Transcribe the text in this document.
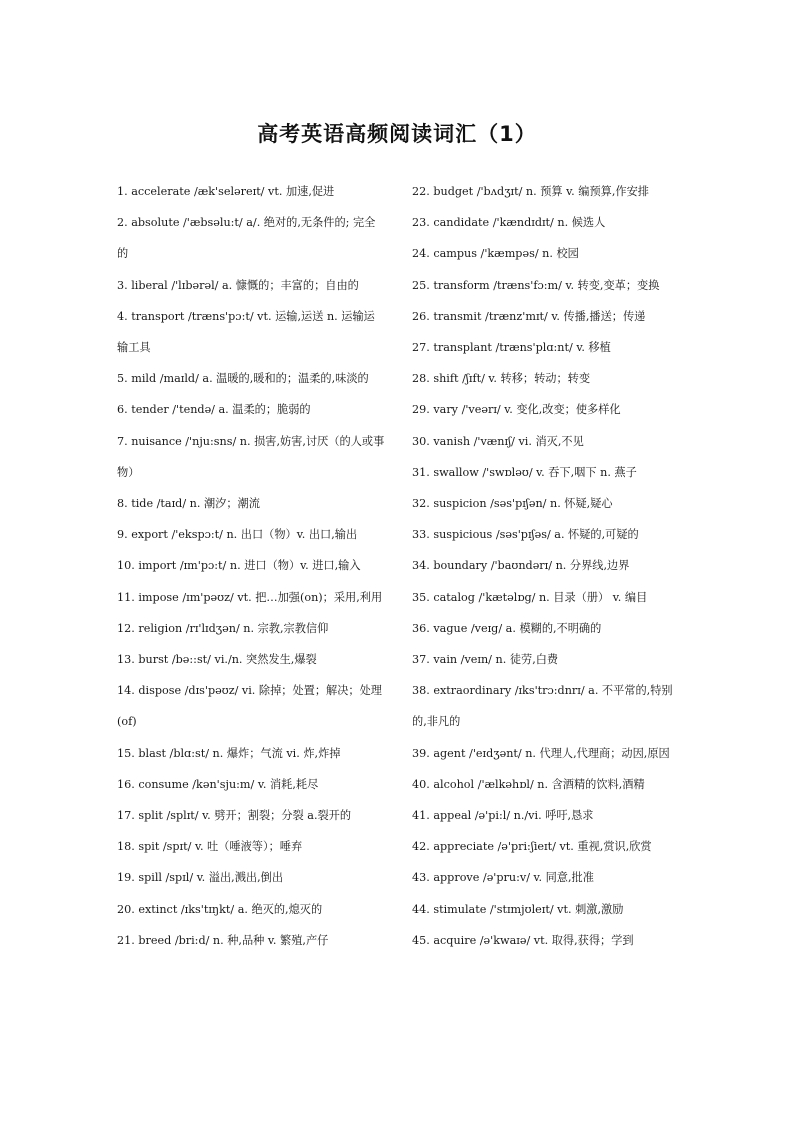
高考英语高频阅读词汇（1）
1. accelerate /æk'seləreɪt/ vt. 加速,促进
2. absolute /'æbsəlu:t/ a/. 绝对的,无条件的; 完全的
3. liberal /'lɪbərəl/ a. 慷慨的；丰富的；自由的
4. transport /træns'pɔ:t/ vt. 运输,运送 n. 运输运输工具
5. mild /maɪld/ a. 温暖的,暖和的；温柔的,味淡的
6. tender /'tendə/ a. 温柔的；脆弱的
7. nuisance /'nju:sns/ n. 损害,妨害,讨厌（的人或事物）
8. tide /taɪd/ n. 潮汐；潮流
9. export /'ekspɔ:t/ n. 出口（物）v. 出口,输出
10. import /ɪm'pɔ:t/ n. 进口（物）v. 进口,输入
11. impose /ɪm'pəʊz/ vt. 把…加强(on)；采用,利用
12. religion /rɪ'lɪdʒən/ n. 宗教,宗教信仰
13. burst /bə::st/ vi./n. 突然发生,爆裂
14. dispose /dɪs'pəʊz/ vi. 除掉；处置；解决；处理(of)
15. blast /blɑ:st/ n. 爆炸；气流 vi. 炸,炸掉
16. consume /kən'sju:m/ v. 消耗,耗尽
17. split /splɪt/ v. 劈开；割裂；分裂 a.裂开的
18. spit /spɪt/ v. 吐（唾液等）；唾弃
19. spill /spɪl/ v. 溢出,溅出,倒出
20. extinct /ɪks'tɪŋkt/ a. 绝灭的,熄灭的
21. breed /bri:d/ n. 种,品种 v. 繁殖,产仔
22. budget /'bʌdʒɪt/ n. 预算 v. 编预算,作安排
23. candidate /'kændɪdɪt/ n. 候选人
24. campus /'kæmpəs/ n. 校园
25. transform /træns'fɔ:m/ v. 转变,变革；变换
26. transmit /trænz'mɪt/ v. 传播,播送；传递
27. transplant /træns'plɑ:nt/ v. 移植
28. shift /ʃɪft/ v. 转移；转动；转变
29. vary /'veərɪ/ v. 变化,改变；使多样化
30. vanish /'vænɪʃ/ vi. 消灭,不见
31. swallow /'swɒləʊ/ v. 吞下,咽下 n. 燕子
32. suspicion /səs'pɪʃən/ n. 怀疑,疑心
33. suspicious /səs'pɪʃəs/ a. 怀疑的,可疑的
34. boundary /'baʊndərɪ/ n. 分界线,边界
35. catalog /'kætəlɒg/ n. 目录（册） v. 编目
36. vague /veɪg/ a. 模糊的,不明确的
37. vain /veɪn/ n. 徒劳,白费
38. extraordinary /ɪks'trɔ:dnrɪ/ a. 不平常的,特别的,非凡的
39. agent /'eɪdʒənt/ n. 代理人,代理商；动因,原因
40. alcohol /'ælkəhɒl/ n. 含酒精的饮料,酒精
41. appeal /ə'pi:l/ n./vi. 呼吁,恳求
42. appreciate /ə'pri:ʃieɪt/ vt. 重视,赏识,欣赏
43. approve /ə'pru:v/ v. 同意,批准
44. stimulate /'stɪmjʊleɪt/ vt. 刺激,激励
45. acquire /ə'kwaɪə/ vt. 取得,获得；学到
